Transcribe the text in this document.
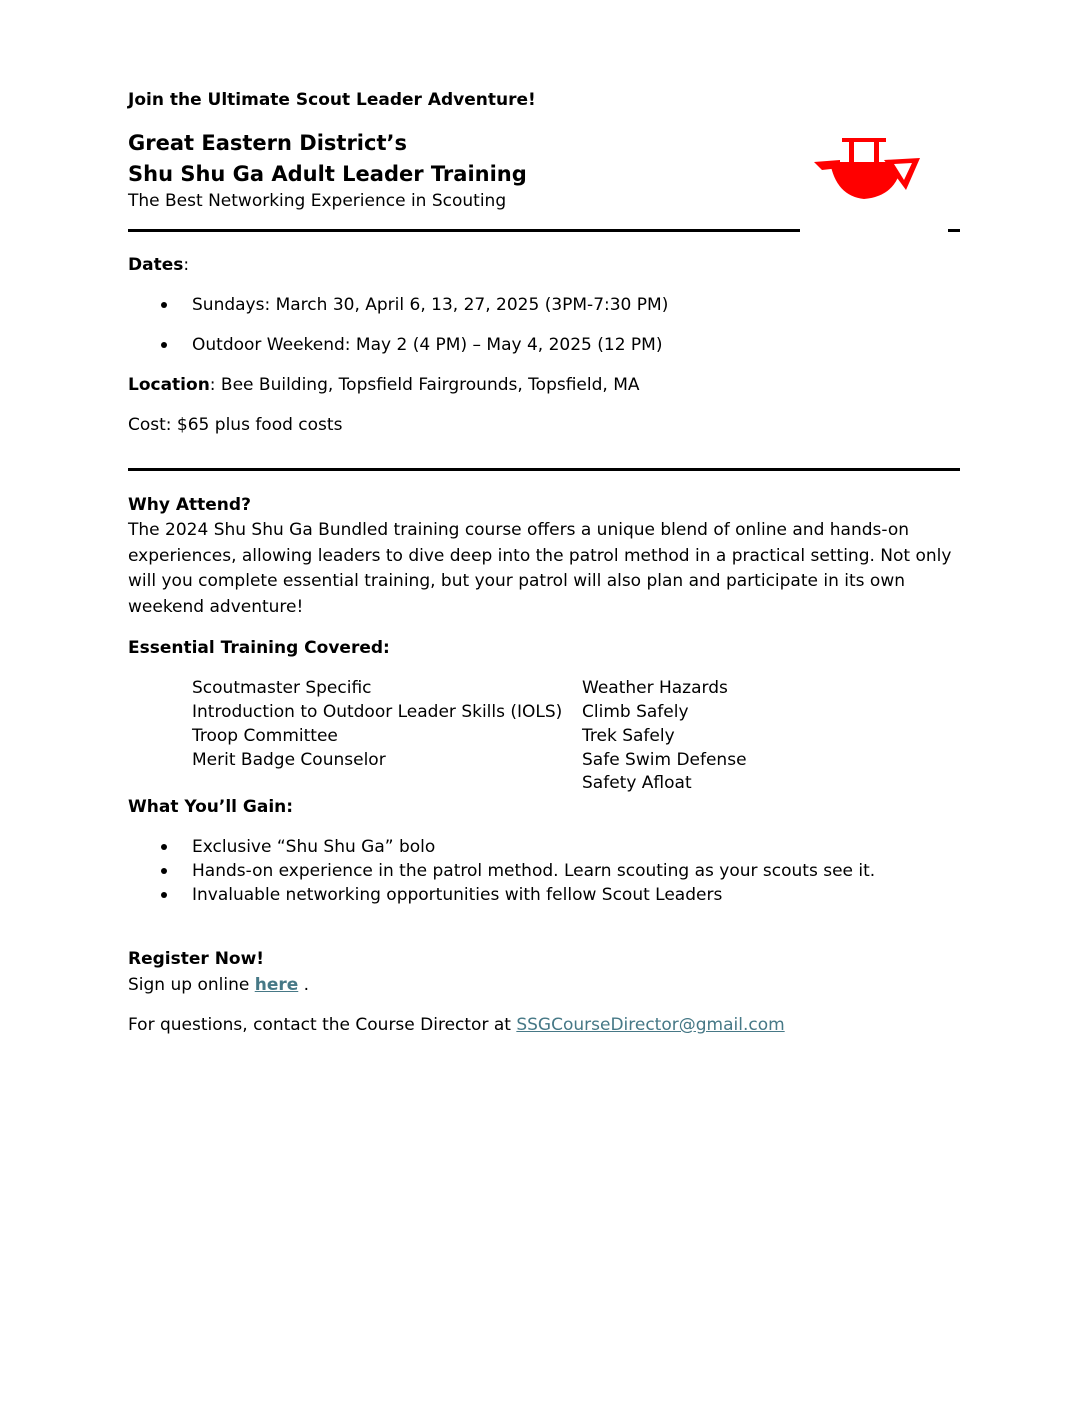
Join the Ultimate Scout Leader Adventure!
Great Eastern District’s
Shu Shu Ga Adult Leader Training
The Best Networking Experience in Scouting
Dates:
Sundays: March 30, April 6, 13, 27, 2025 (3PM-7:30 PM)
Outdoor Weekend: May 2 (4 PM) – May 4, 2025 (12 PM)
Location: Bee Building, Topsfield Fairgrounds, Topsfield, MA
Cost: $65 plus food costs
Why Attend?
The 2024 Shu Shu Ga Bundled training course offers a unique blend of online and hands-on experiences, allowing leaders to dive deep into the patrol method in a practical setting. Not only will you complete essential training, but your patrol will also plan and participate in its own weekend adventure!
Essential Training Covered:
Scoutmaster Specific
Introduction to Outdoor Leader Skills (IOLS)
Troop Committee
Merit Badge Counselor
Weather Hazards
Climb Safely
Trek Safely
Safe Swim Defense
Safety Afloat
What You’ll Gain:
Exclusive “Shu Shu Ga” bolo
Hands-on experience in the patrol method. Learn scouting as your scouts see it.
Invaluable networking opportunities with fellow Scout Leaders
Register Now!
Sign up online here .
For questions, contact the Course Director at SSGCourseDirector@gmail.com
